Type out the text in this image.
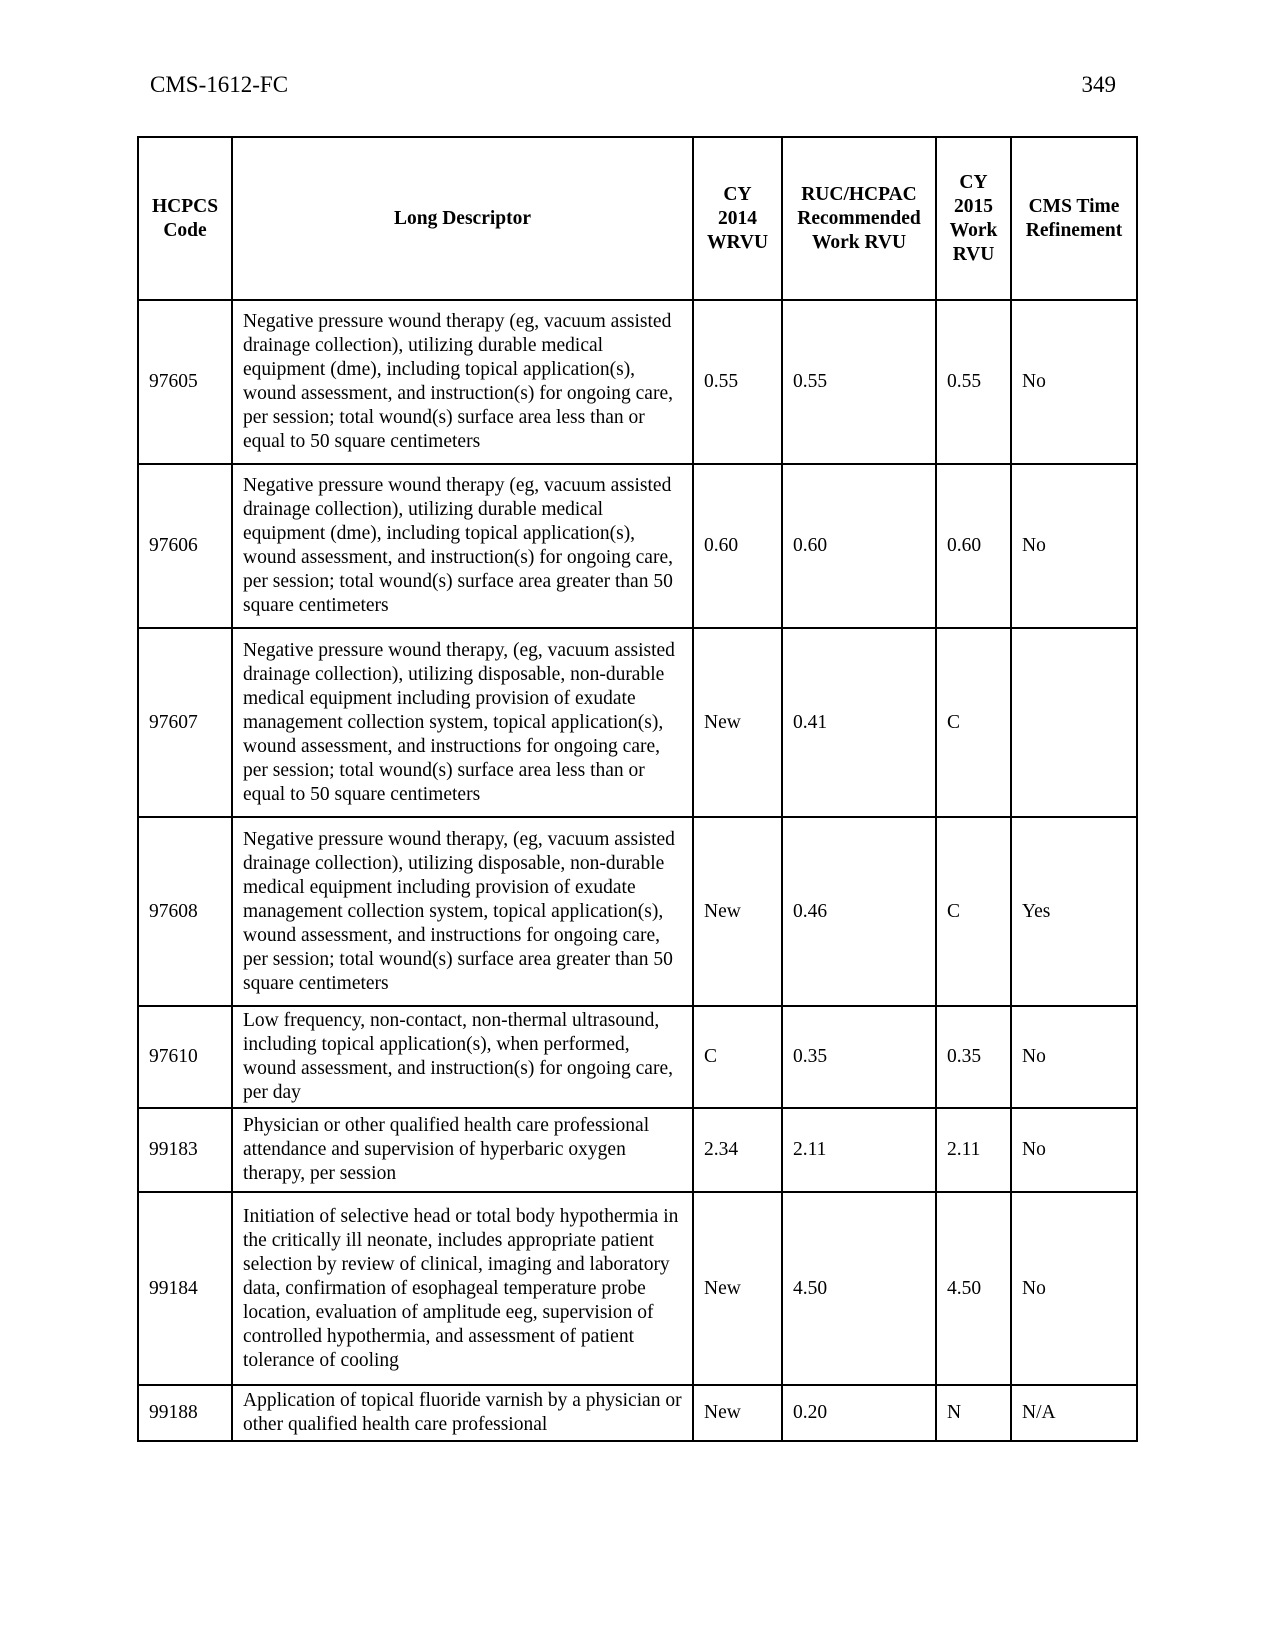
CMS-1612-FC	349
HCPCS Code	Long Descriptor	CY 2014 WRVU	RUC/HCPAC Recommended Work RVU	CY 2015 Work RVU	CMS Time Refinement
97605	Negative pressure wound therapy (eg, vacuum assisted drainage collection), utilizing durable medical equipment (dme), including topical application(s), wound assessment, and instruction(s) for ongoing care, per session; total wound(s) surface area less than or equal to 50 square centimeters	0.55	0.55	0.55	No
97606	Negative pressure wound therapy (eg, vacuum assisted drainage collection), utilizing durable medical equipment (dme), including topical application(s), wound assessment, and instruction(s) for ongoing care, per session; total wound(s) surface area greater than 50 square centimeters	0.60	0.60	0.60	No
97607	Negative pressure wound therapy, (eg, vacuum assisted drainage collection), utilizing disposable, non-durable medical equipment including provision of exudate management collection system, topical application(s), wound assessment, and instructions for ongoing care, per session; total wound(s) surface area less than or equal to 50 square centimeters	New	0.41	C	
97608	Negative pressure wound therapy, (eg, vacuum assisted drainage collection), utilizing disposable, non-durable medical equipment including provision of exudate management collection system, topical application(s), wound assessment, and instructions for ongoing care, per session; total wound(s) surface area greater than 50 square centimeters	New	0.46	C	Yes
97610	Low frequency, non-contact, non-thermal ultrasound, including topical application(s), when performed, wound assessment, and instruction(s) for ongoing care, per day	C	0.35	0.35	No
99183	Physician or other qualified health care professional attendance and supervision of hyperbaric oxygen therapy, per session	2.34	2.11	2.11	No
99184	Initiation of selective head or total body hypothermia in the critically ill neonate, includes appropriate patient selection by review of clinical, imaging and laboratory data, confirmation of esophageal temperature probe location, evaluation of amplitude eeg, supervision of controlled hypothermia, and assessment of patient tolerance of cooling	New	4.50	4.50	No
99188	Application of topical fluoride varnish by a physician or other qualified health care professional	New	0.20	N	N/A
